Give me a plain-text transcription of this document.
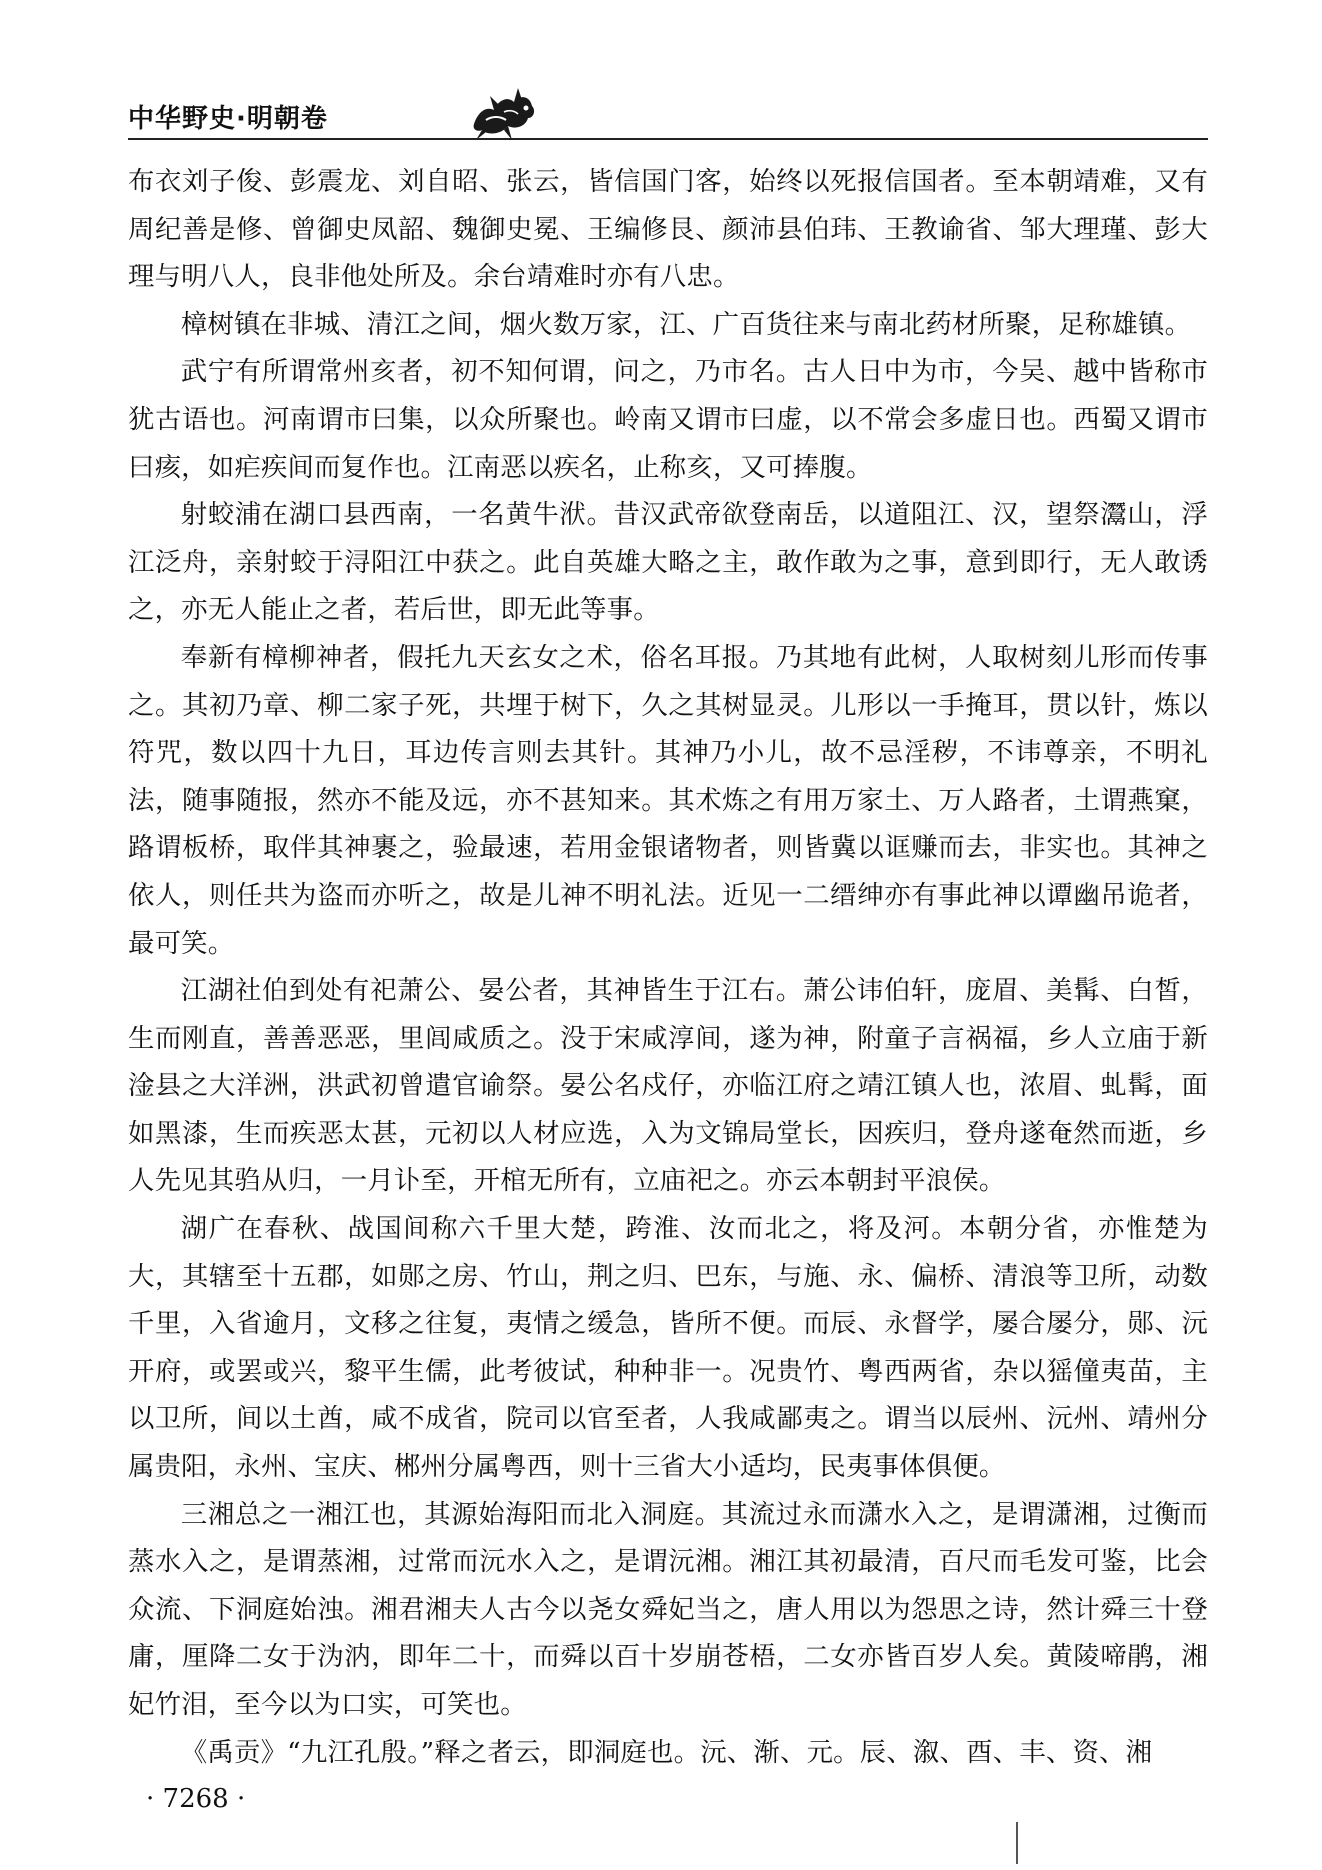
中华野史·明朝卷

布衣刘子俊、彭震龙、刘自昭、张云，皆信国门客，始终以死报信国者。至本朝靖难，又有周纪善是修、曾御史凤韶、魏御史冕、王编修艮、颜沛县伯玮、王教谕省、邹大理瑾、彭大理与明八人，良非他处所及。余台靖难时亦有八忠。

樟树镇在非城、清江之间，烟火数万家，江、广百货往来与南北药材所聚，足称雄镇。

武宁有所谓常州亥者，初不知何谓，问之，乃市名。古人日中为市，今吴、越中皆称市犹古语也。河南谓市曰集，以众所聚也。岭南又谓市曰虚，以不常会多虚日也。西蜀又谓市曰痎，如疟疾间而复作也。江南恶以疾名，止称亥，又可捧腹。

射蛟浦在湖口县西南，一名黄牛洑。昔汉武帝欲登南岳，以道阻江、汉，望祭灊山，浮江泛舟，亲射蛟于浔阳江中获之。此自英雄大略之主，敢作敢为之事，意到即行，无人敢诱之，亦无人能止之者，若后世，即无此等事。

奉新有樟柳神者，假托九天玄女之术，俗名耳报。乃其地有此树，人取树刻儿形而传事之。其初乃章、柳二家子死，共埋于树下，久之其树显灵。儿形以一手掩耳，贯以针，炼以符咒，数以四十九日，耳边传言则去其针。其神乃小儿，故不忌淫秽，不讳尊亲，不明礼法，随事随报，然亦不能及远，亦不甚知来。其术炼之有用万家土、万人路者，土谓燕窠，路谓板桥，取伴其神裹之，验最速，若用金银诸物者，则皆冀以诓赚而去，非实也。其神之依人，则任共为盗而亦听之，故是儿神不明礼法。近见一二缙绅亦有事此神以谭幽吊诡者，最可笑。

江湖社伯到处有祀萧公、晏公者，其神皆生于江右。萧公讳伯轩，庞眉、美髯、白皙，生而刚直，善善恶恶，里闾咸质之。没于宋咸淳间，遂为神，附童子言祸福，乡人立庙于新淦县之大洋洲，洪武初曾遣官谕祭。晏公名戍仔，亦临江府之靖江镇人也，浓眉、虬髯，面如黑漆，生而疾恶太甚，元初以人材应选，入为文锦局堂长，因疾归，登舟遂奄然而逝，乡人先见其驺从归，一月讣至，开棺无所有，立庙祀之。亦云本朝封平浪侯。

湖广在春秋、战国间称六千里大楚，跨淮、汝而北之，将及河。本朝分省，亦惟楚为大，其辖至十五郡，如郧之房、竹山，荆之归、巴东，与施、永、偏桥、清浪等卫所，动数千里，入省逾月，文移之往复，夷情之缓急，皆所不便。而辰、永督学，屡合屡分，郧、沅开府，或罢或兴，黎平生儒，此考彼试，种种非一。况贵竹、粤西两省，杂以猺僮夷苗，主以卫所，间以土酋，咸不成省，院司以官至者，人我咸鄙夷之。谓当以辰州、沅州、靖州分属贵阳，永州、宝庆、郴州分属粤西，则十三省大小适均，民夷事体俱便。

三湘总之一湘江也，其源始海阳而北入洞庭。其流过永而潇水入之，是谓潇湘，过衡而蒸水入之，是谓蒸湘，过常而沅水入之，是谓沅湘。湘江其初最清，百尺而毛发可鉴，比会众流、下洞庭始浊。湘君湘夫人古今以尧女舜妃当之，唐人用以为怨思之诗，然计舜三十登庸，厘降二女于沩汭，即年二十，而舜以百十岁崩苍梧，二女亦皆百岁人矣。黄陵啼鹃，湘妃竹泪，至今以为口实，可笑也。

《禹贡》“九江孔殷。”释之者云，即洞庭也。沅、渐、元。辰、溆、酉、丰、资、湘

· 7268 ·
